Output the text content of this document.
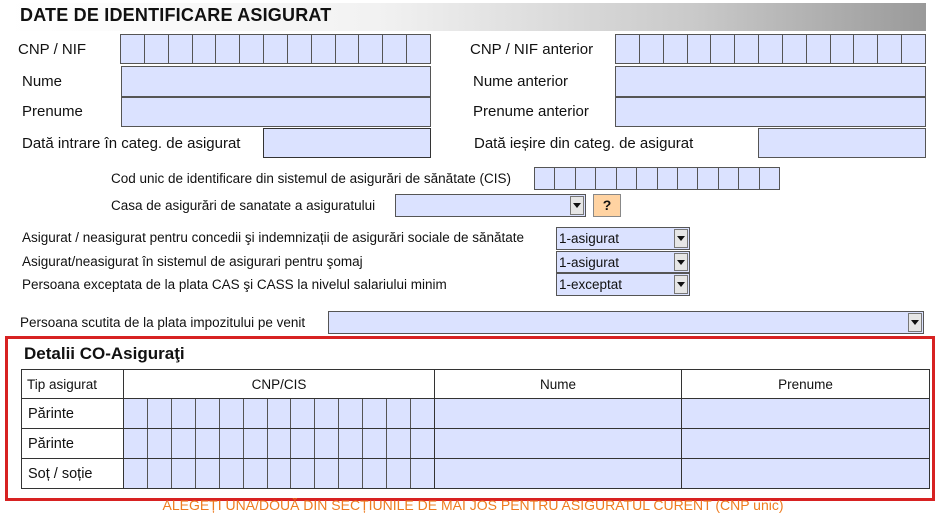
DATE DE IDENTIFICARE ASIGURAT
CNP / NIF	CNP / NIF anterior
Nume	Nume anterior
Prenume	Prenume anterior
Dată intrare în categ. de asigurat	Dată ieșire din categ. de asigurat
Cod unic de identificare din sistemul de asigurări de sănătate (CIS)
Casa de asigurări de sanatate a asiguratului	?
Asigurat / neasigurat pentru concedii şi indemnizații de asigurări sociale de sănătate	1-asigurat
Asigurat/neasigurat în sistemul de asigurari pentru şomaj	1-asigurat
Persoana exceptata de la plata CAS şi CASS la nivelul salariului minim	1-exceptat
Persoana scutita de la plata impozitului pe venit
Detalii CO-Asiguraţi
Tip asigurat	CNP/CIS	Nume	Prenume
Părinte	

Părinte	

Soț / soție	

ALEGEȚI UNA/DOUĂ DIN SECȚIUNILE DE MAI JOS PENTRU ASIGURATUL CURENT (CNP unic)
